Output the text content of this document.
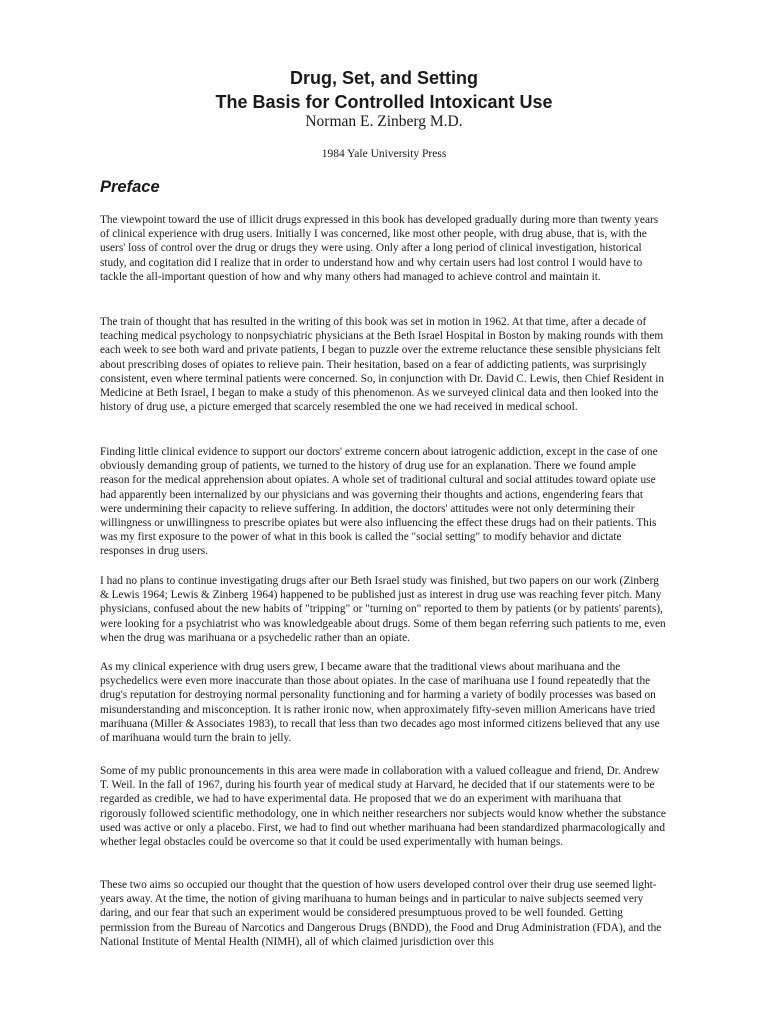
Drug, Set, and Setting
The Basis for Controlled Intoxicant Use
Norman E. Zinberg M.D.
1984 Yale University Press
Preface

The viewpoint toward the use of illicit drugs expressed in this book has developed gradually during more than twenty years of clinical experience with drug users. Initially I was concerned, like most other people, with drug abuse, that is, with the users' loss of control over the drug or drugs they were using. Only after a long period of clinical investigation, historical study, and cogitation did I realize that in order to understand how and why certain users had lost control I would have to tackle the all-important question of how and why many others had managed to achieve control and maintain it.

The train of thought that has resulted in the writing of this book was set in motion in 1962. At that time, after a decade of teaching medical psychology to nonpsychiatric physicians at the Beth Israel Hospital in Boston by making rounds with them each week to see both ward and private patients, I began to puzzle over the extreme reluctance these sensible physicians felt about prescribing doses of opiates to relieve pain. Their hesitation, based on a fear of addicting patients, was surprisingly consistent, even where terminal patients were concerned. So, in conjunction with Dr. David C. Lewis, then Chief Resident in Medicine at Beth Israel, I began to make a study of this phenomenon. As we surveyed clinical data and then looked into the history of drug use, a picture emerged that scarcely resembled the one we had received in medical school.

Finding little clinical evidence to support our doctors' extreme concern about iatrogenic addiction, except in the case of one obviously demanding group of patients, we turned to the history of drug use for an explanation. There we found ample reason for the medical apprehension about opiates. A whole set of traditional cultural and social attitudes toward opiate use had apparently been internalized by our physicians and was governing their thoughts and actions, engendering fears that were undermining their capacity to relieve suffering. In addition, the doctors' attitudes were not only determining their willingness or unwillingness to prescribe opiates but were also influencing the effect these drugs had on their patients. This was my first exposure to the power of what in this book is called the "social setting" to modify behavior and dictate responses in drug users.

I had no plans to continue investigating drugs after our Beth Israel study was finished, but two papers on our work (Zinberg & Lewis 1964; Lewis & Zinberg 1964) happened to be published just as interest in drug use was reaching fever pitch. Many physicians, confused about the new habits of "tripping" or "turning on" reported to them by patients (or by patients' parents), were looking for a psychiatrist who was knowledgeable about drugs. Some of them began referring such patients to me, even when the drug was marihuana or a psychedelic rather than an opiate.

As my clinical experience with drug users grew, I became aware that the traditional views about marihuana and the psychedelics were even more inaccurate than those about opiates. In the case of marihuana use I found repeatedly that the drug's reputation for destroying normal personality functioning and for harming a variety of bodily processes was based on misunderstanding and misconception. It is rather ironic now, when approximately fifty-seven million Americans have tried marihuana (Miller & Associates 1983), to recall that less than two decades ago most informed citizens believed that any use of marihuana would turn the brain to jelly.

Some of my public pronouncements in this area were made in collaboration with a valued colleague and friend, Dr. Andrew T. Weil. In the fall of 1967, during his fourth year of medical study at Harvard, he decided that if our statements were to be regarded as credible, we had to have experimental data. He proposed that we do an experiment with marihuana that rigorously followed scientific methodology, one in which neither researchers nor subjects would know whether the substance used was active or only a placebo. First, we had to find out whether marihuana had been standardized pharmacologically and whether legal obstacles could be overcome so that it could be used experimentally with human beings.

These two aims so occupied our thought that the question of how users developed control over their drug use seemed light-years away. At the time, the notion of giving marihuana to human beings and in particular to naive subjects seemed very daring, and our fear that such an experiment would be considered presumptuous proved to be well founded. Getting permission from the Bureau of Narcotics and Dangerous Drugs (BNDD), the Food and Drug Administration (FDA), and the National Institute of Mental Health (NIMH), all of which claimed jurisdiction over this
